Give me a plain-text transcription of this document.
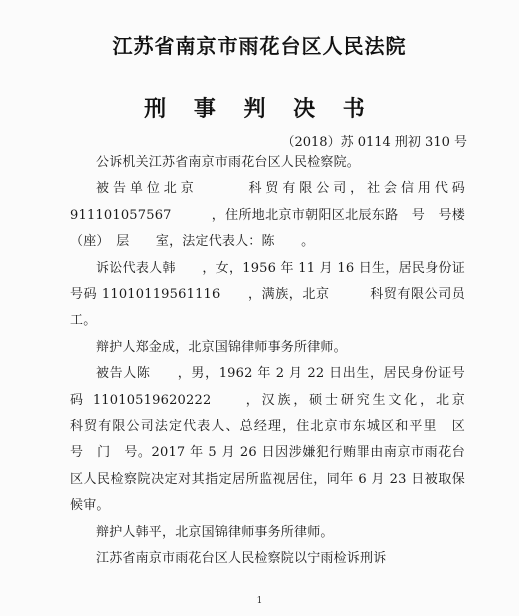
江苏省南京市雨花台区人民法院
刑 事 判 决 书
（2018）苏 0114 刑初 310 号

公诉机关江苏省南京市雨花台区人民检察院。

被告单位北京　　　科贸有限公司，社会信用代码 911101057567　　　，住所地北京市朝阳区北辰东路　号　号楼（座）　层　　室，法定代表人：陈　　。

诉讼代表人韩　　，女，1956 年 11 月 16 日生，居民身份证号码 11010119561116　　，满族，北京　　　科贸有限公司员工。

辩护人郑金成，北京国锦律师事务所律师。

被告人陈　　，男，1962 年 2 月 22 日出生，居民身份证号码 11010519620222　　，汉族，硕士研究生文化，北京　　　科贸有限公司法定代表人、总经理，住北京市东城区和平里　区　号　门　号。2017 年 5 月 26 日因涉嫌犯行贿罪由南京市雨花台区人民检察院决定对其指定居所监视居住，同年 6 月 23 日被取保候审。

辩护人韩平，北京国锦律师事务所律师。

江苏省南京市雨花台区人民检察院以宁雨检诉刑诉

1
